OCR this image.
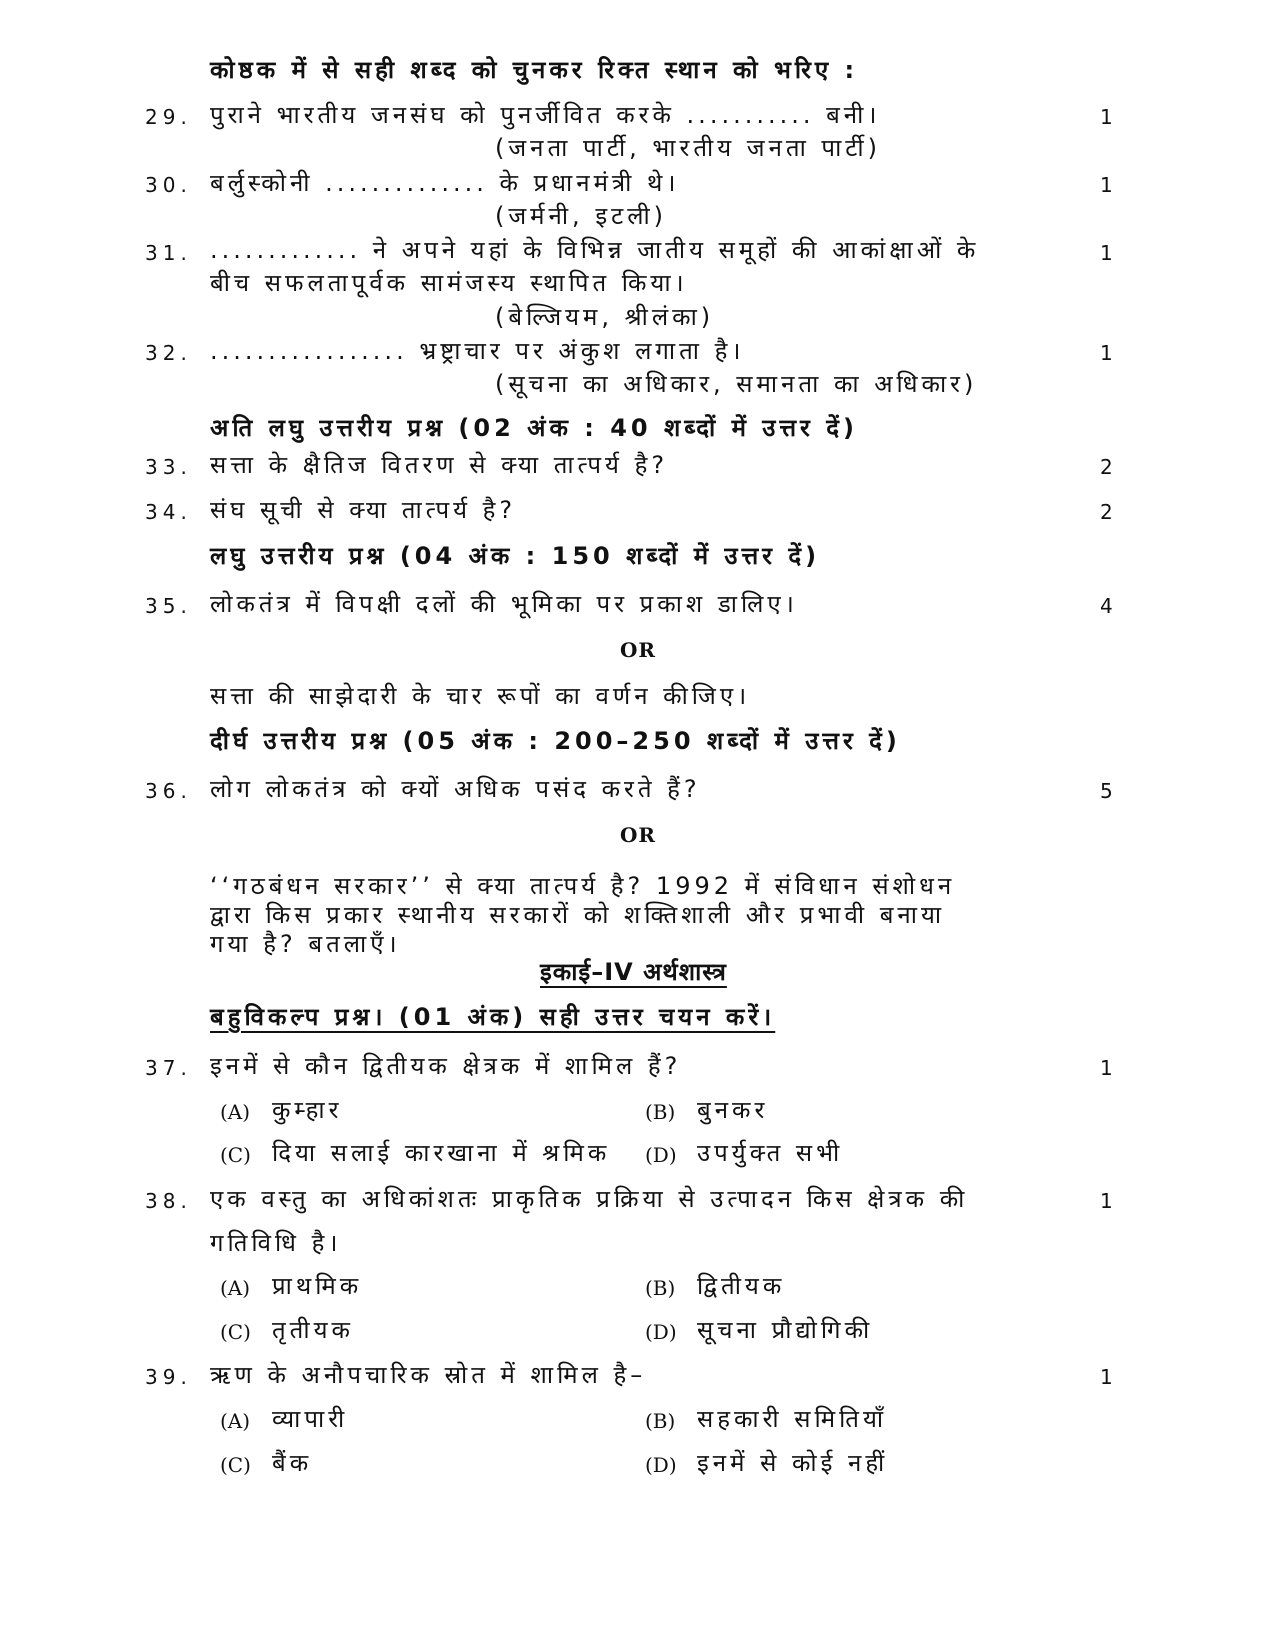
कोष्ठक में से सही शब्द को चुनकर रिक्त स्थान को भरिए :
29. पुराने भारतीय जनसंघ को पुनर्जीवित करके ........... बनी।	1
(जनता पार्टी, भारतीय जनता पार्टी)
30. बर्लुस्कोनी .............. के प्रधानमंत्री थे।	1
(जर्मनी, इटली)
31. ............. ने अपने यहां के विभिन्न जातीय समूहों की आकांक्षाओं के	1
बीच सफलतापूर्वक सामंजस्य स्थापित किया।
(बेल्जियम, श्रीलंका)
32. ................. भ्रष्ट्राचार पर अंकुश लगाता है।	1
(सूचना का अधिकार, समानता का अधिकार)
अति लघु उत्तरीय प्रश्न (02 अंक : 40 शब्दों में उत्तर दें)
33. सत्ता के क्षैतिज वितरण से क्या तात्पर्य है?	2
34. संघ सूची से क्या तात्पर्य है?	2
लघु उत्तरीय प्रश्न (04 अंक : 150 शब्दों में उत्तर दें)
35. लोकतंत्र में विपक्षी दलों की भूमिका पर प्रकाश डालिए।	4
OR
सत्ता की साझेदारी के चार रूपों का वर्णन कीजिए।
दीर्घ उत्तरीय प्रश्न (05 अंक : 200–250 शब्दों में उत्तर दें)
36. लोग लोकतंत्र को क्यों अधिक पसंद करते हैं?	5
OR
‘‘गठबंधन सरकार’’ से क्या तात्पर्य है? 1992 में संविधान संशोधन
द्वारा किस प्रकार स्थानीय सरकारों को शक्तिशाली और प्रभावी बनाया
गया है? बतलाएँ।
इकाई–IV अर्थशास्त्र
बहुविकल्प प्रश्न। (01 अंक) सही उत्तर चयन करें।
37. इनमें से कौन द्वितीयक क्षेत्रक में शामिल हैं?	1
(A) कुम्हार	(B) बुनकर
(C) दिया सलाई कारखाना में श्रमिक (D) उपर्युक्त सभी
38. एक वस्तु का अधिकांशतः प्राकृतिक प्रक्रिया से उत्पादन किस क्षेत्रक की	1
गतिविधि है।
(A) प्राथमिक	(B) द्वितीयक
(C) तृतीयक	(D) सूचना प्रौद्योगिकी
39. ऋण के अनौपचारिक स्रोत में शामिल है–	1
(A) व्यापारी	(B) सहकारी समितियाँ
(C) बैंक	(D) इनमें से कोई नहीं
